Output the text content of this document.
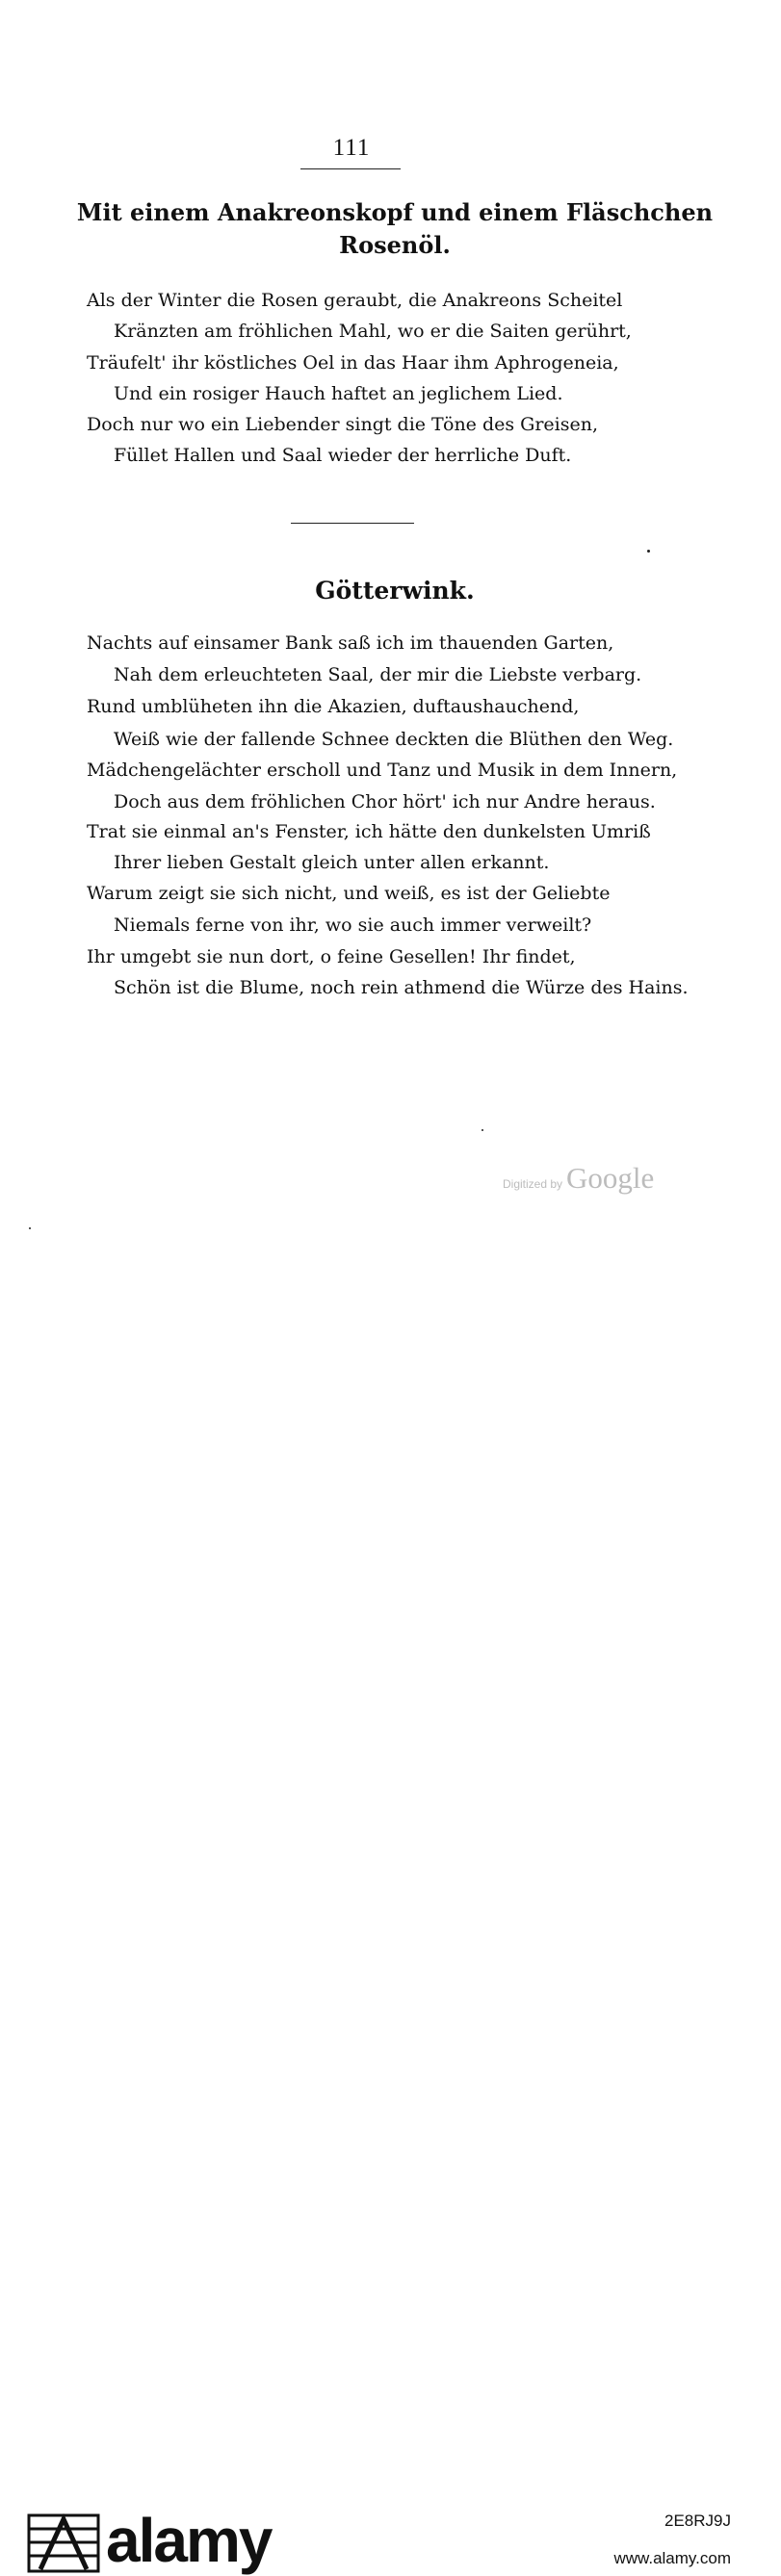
111
Mit einem Anakreonskopf und einem Fläschchen
Rosenöl.
Als der Winter die Rosen geraubt, die Anakreons Scheitel
Kränzten am fröhlichen Mahl, wo er die Saiten gerührt,
Träufelt' ihr köstliches Oel in das Haar ihm Aphrogeneia,
Und ein rosiger Hauch haftet an jeglichem Lied.
Doch nur wo ein Liebender singt die Töne des Greisen,
Füllet Hallen und Saal wieder der herrliche Duft.
Götterwink.
Nachts auf einsamer Bank saß ich im thauenden Garten,
Nah dem erleuchteten Saal, der mir die Liebste verbarg.
Rund umblüheten ihn die Akazien, duftaushauchend,
Weiß wie der fallende Schnee deckten die Blüthen den Weg.
Mädchengelächter erscholl und Tanz und Musik in dem Innern,
Doch aus dem fröhlichen Chor hört' ich nur Andre heraus.
Trat sie einmal an's Fenster, ich hätte den dunkelsten Umriß
Ihrer lieben Gestalt gleich unter allen erkannt.
Warum zeigt sie sich nicht, und weiß, es ist der Geliebte
Niemals ferne von ihr, wo sie auch immer verweilt?
Ihr umgebt sie nun dort, o feine Gesellen! Ihr findet,
Schön ist die Blume, noch rein athmend die Würze des Hains.
Digitized by Google
alamy	2E8RJ9J
www.alamy.com
